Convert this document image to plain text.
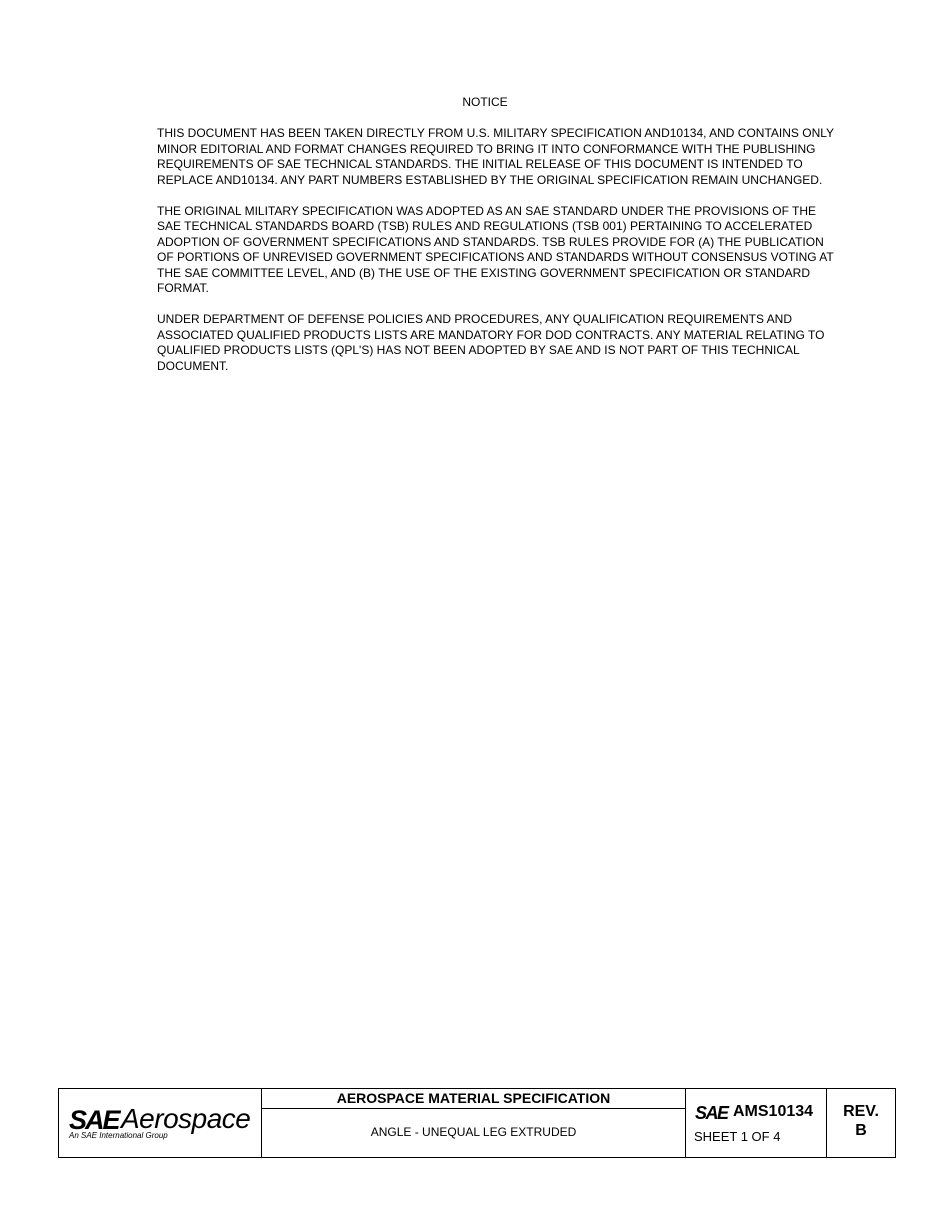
NOTICE

THIS DOCUMENT HAS BEEN TAKEN DIRECTLY FROM U.S. MILITARY SPECIFICATION AND10134, AND CONTAINS ONLY MINOR EDITORIAL AND FORMAT CHANGES REQUIRED TO BRING IT INTO CONFORMANCE WITH THE PUBLISHING REQUIREMENTS OF SAE TECHNICAL STANDARDS. THE INITIAL RELEASE OF THIS DOCUMENT IS INTENDED TO REPLACE AND10134. ANY PART NUMBERS ESTABLISHED BY THE ORIGINAL SPECIFICATION REMAIN UNCHANGED.

THE ORIGINAL MILITARY SPECIFICATION WAS ADOPTED AS AN SAE STANDARD UNDER THE PROVISIONS OF THE SAE TECHNICAL STANDARDS BOARD (TSB) RULES AND REGULATIONS (TSB 001) PERTAINING TO ACCELERATED ADOPTION OF GOVERNMENT SPECIFICATIONS AND STANDARDS. TSB RULES PROVIDE FOR (A) THE PUBLICATION OF PORTIONS OF UNREVISED GOVERNMENT SPECIFICATIONS AND STANDARDS WITHOUT CONSENSUS VOTING AT THE SAE COMMITTEE LEVEL, AND (B) THE USE OF THE EXISTING GOVERNMENT SPECIFICATION OR STANDARD FORMAT.

UNDER DEPARTMENT OF DEFENSE POLICIES AND PROCEDURES, ANY QUALIFICATION REQUIREMENTS AND ASSOCIATED QUALIFIED PRODUCTS LISTS ARE MANDATORY FOR DOD CONTRACTS. ANY MATERIAL RELATING TO QUALIFIED PRODUCTS LISTS (QPL'S) HAS NOT BEEN ADOPTED BY SAE AND IS NOT PART OF THIS TECHNICAL DOCUMENT.

SAE Aerospace
An SAE International Group
AEROSPACE MATERIAL SPECIFICATION
ANGLE - UNEQUAL LEG EXTRUDED
SAE AMS10134
SHEET 1 OF 4
REV.
B
